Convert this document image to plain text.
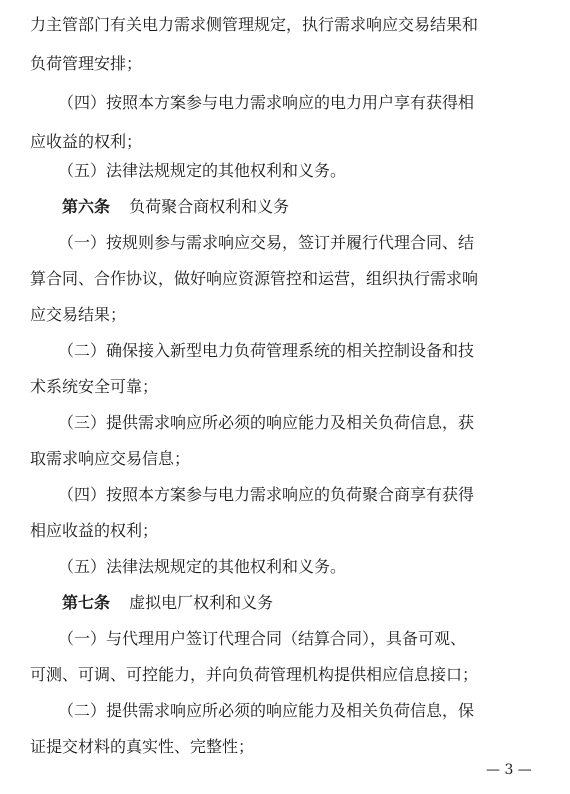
力主管部门有关电力需求侧管理规定，执行需求响应交易结果和
负荷管理安排；
（四）按照本方案参与电力需求响应的电力用户享有获得相
应收益的权利；
（五）法律法规规定的其他权利和义务。
第六条 负荷聚合商权利和义务
（一）按规则参与需求响应交易，签订并履行代理合同、结
算合同、合作协议，做好响应资源管控和运营，组织执行需求响
应交易结果；
（二）确保接入新型电力负荷管理系统的相关控制设备和技
术系统安全可靠；
（三）提供需求响应所必须的响应能力及相关负荷信息，获
取需求响应交易信息；
（四）按照本方案参与电力需求响应的负荷聚合商享有获得
相应收益的权利；
（五）法律法规规定的其他权利和义务。
第七条 虚拟电厂权利和义务
（一）与代理用户签订代理合同（结算合同），具备可观、
可测、可调、可控能力，并向负荷管理机构提供相应信息接口；
（二）提供需求响应所必须的响应能力及相关负荷信息，保
证提交材料的真实性、完整性；
— 3 —
